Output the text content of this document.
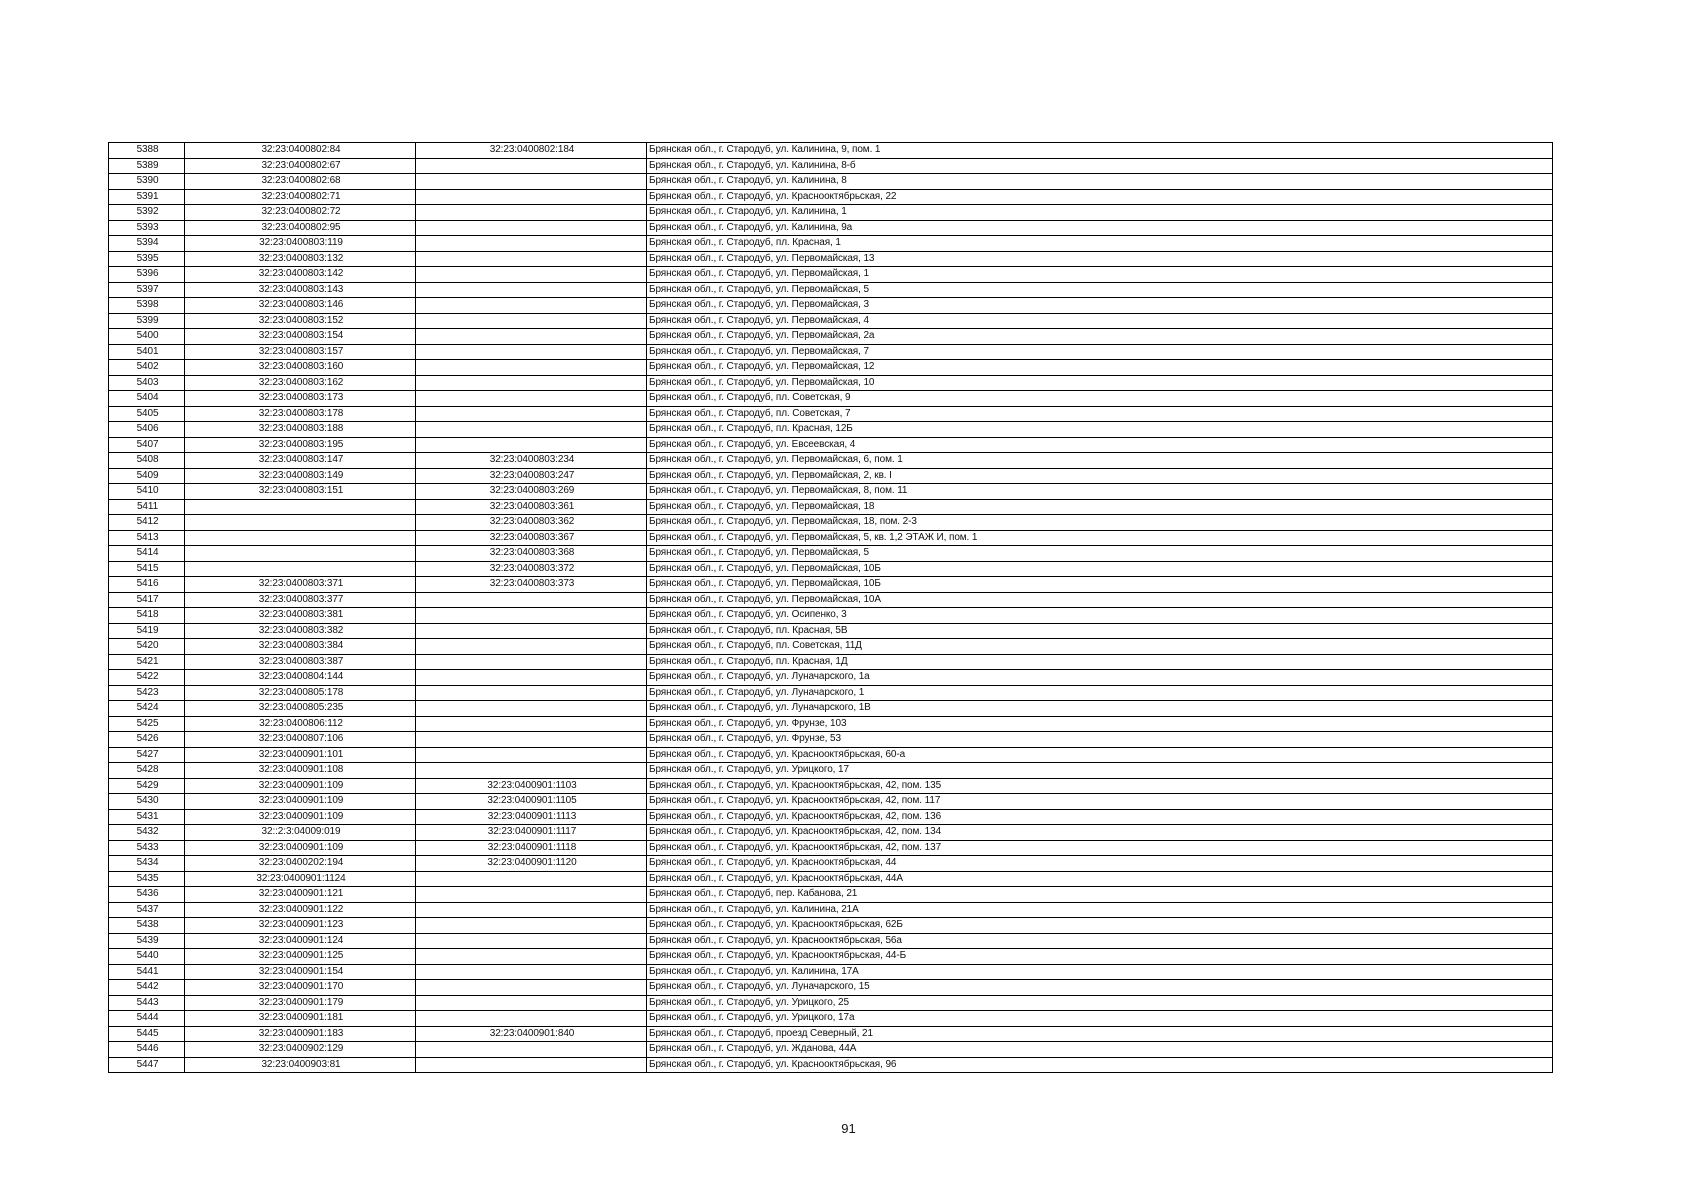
5388	32:23:0400802:84	32:23:0400802:184	Брянская обл., г. Стародуб, ул. Калинина, 9, пом. 1
5389	32:23:0400802:67		Брянская обл., г. Стародуб, ул. Калинина, 8-б
5390	32:23:0400802:68		Брянская обл., г. Стародуб, ул. Калинина, 8
5391	32:23:0400802:71		Брянская обл., г. Стародуб, ул. Краснооктябрьская, 22
5392	32:23:0400802:72		Брянская обл., г. Стародуб, ул. Калинина, 1
5393	32:23:0400802:95		Брянская обл., г. Стародуб, ул. Калинина, 9а
5394	32:23:0400803:119		Брянская обл., г. Стародуб, пл. Красная, 1
5395	32:23:0400803:132		Брянская обл., г. Стародуб, ул. Первомайская, 13
5396	32:23:0400803:142		Брянская обл., г. Стародуб, ул. Первомайская, 1
5397	32:23:0400803:143		Брянская обл., г. Стародуб, ул. Первомайская, 5
5398	32:23:0400803:146		Брянская обл., г. Стародуб, ул. Первомайская, 3
5399	32:23:0400803:152		Брянская обл., г. Стародуб, ул. Первомайская, 4
5400	32:23:0400803:154		Брянская обл., г. Стародуб, ул. Первомайская, 2а
5401	32:23:0400803:157		Брянская обл., г. Стародуб, ул. Первомайская, 7
5402	32:23:0400803:160		Брянская обл., г. Стародуб, ул. Первомайская, 12
5403	32:23:0400803:162		Брянская обл., г. Стародуб, ул. Первомайская, 10
5404	32:23:0400803:173		Брянская обл., г. Стародуб, пл. Советская, 9
5405	32:23:0400803:178		Брянская обл., г. Стародуб, пл. Советская, 7
5406	32:23:0400803:188		Брянская обл., г. Стародуб, пл. Красная, 12Б
5407	32:23:0400803:195		Брянская обл., г. Стародуб, ул. Евсеевская, 4
5408	32:23:0400803:147	32:23:0400803:234	Брянская обл., г. Стародуб, ул. Первомайская, 6, пом. 1
5409	32:23:0400803:149	32:23:0400803:247	Брянская обл., г. Стародуб, ул. Первомайская, 2, кв. I
5410	32:23:0400803:151	32:23:0400803:269	Брянская обл., г. Стародуб, ул. Первомайская, 8, пом. 11
5411		32:23:0400803:361	Брянская обл., г. Стародуб, ул. Первомайская, 18
5412		32:23:0400803:362	Брянская обл., г. Стародуб, ул. Первомайская, 18, пом. 2-3
5413		32:23:0400803:367	Брянская обл., г. Стародуб, ул. Первомайская, 5, кв. 1,2 ЭТАЖ И, пом. 1
5414		32:23:0400803:368	Брянская обл., г. Стародуб, ул. Первомайская, 5
5415		32:23:0400803:372	Брянская обл., г. Стародуб, ул. Первомайская, 10Б
5416	32:23:0400803:371	32:23:0400803:373	Брянская обл., г. Стародуб, ул. Первомайская, 10Б
5417	32:23:0400803:377		Брянская обл., г. Стародуб, ул. Первомайская, 10А
5418	32:23:0400803:381		Брянская обл., г. Стародуб, ул. Осипенко, 3
5419	32:23:0400803:382		Брянская обл., г. Стародуб, пл. Красная, 5В
5420	32:23:0400803:384		Брянская обл., г. Стародуб, пл. Советская, 11Д
5421	32:23:0400803:387		Брянская обл., г. Стародуб, пл. Красная, 1Д
5422	32:23:0400804:144		Брянская обл., г. Стародуб, ул. Луначарского, 1а
5423	32:23:0400805:178		Брянская обл., г. Стародуб, ул. Луначарского, 1
5424	32:23:0400805:235		Брянская обл., г. Стародуб, ул. Луначарского, 1В
5425	32:23:0400806:112		Брянская обл., г. Стародуб, ул. Фрунзе, 103
5426	32:23:0400807:106		Брянская обл., г. Стародуб, ул. Фрунзе, 53
5427	32:23:0400901:101		Брянская обл., г. Стародуб, ул. Краснооктябрьская, 60-а
5428	32:23:0400901:108		Брянская обл., г. Стародуб, ул. Урицкого, 17
5429	32:23:0400901:109	32:23:0400901:1103	Брянская обл., г. Стародуб, ул. Краснооктябрьская, 42, пом. 135
5430	32:23:0400901:109	32:23:0400901:1105	Брянская обл., г. Стародуб, ул. Краснооктябрьская, 42, пом. 117
5431	32:23:0400901:109	32:23:0400901:1113	Брянская обл., г. Стародуб, ул. Краснооктябрьская, 42, пом. 136
5432	32::2:3:04009:019	32:23:0400901:1117	Брянская обл., г. Стародуб, ул. Краснооктябрьская, 42, пом. 134
5433	32:23:0400901:109	32:23:0400901:1118	Брянская обл., г. Стародуб, ул. Краснооктябрьская, 42, пом. 137
5434	32:23:0400202:194	32:23:0400901:1120	Брянская обл., г. Стародуб, ул. Краснооктябрьская, 44
5435	32:23:0400901:1124		Брянская обл., г. Стародуб, ул. Краснооктябрьская, 44А
5436	32:23:0400901:121		Брянская обл., г. Стародуб, пер. Кабанова, 21
5437	32:23:0400901:122		Брянская обл., г. Стародуб, ул. Калинина, 21А
5438	32:23:0400901:123		Брянская обл., г. Стародуб, ул. Краснооктябрьская, 62Б
5439	32:23:0400901:124		Брянская обл., г. Стародуб, ул. Краснооктябрьская, 56а
5440	32:23:0400901:125		Брянская обл., г. Стародуб, ул. Краснооктябрьская, 44-Б
5441	32:23:0400901:154		Брянская обл., г. Стародуб, ул. Калинина, 17А
5442	32:23:0400901:170		Брянская обл., г. Стародуб, ул. Луначарского, 15
5443	32:23:0400901:179		Брянская обл., г. Стародуб, ул. Урицкого, 25
5444	32:23:0400901:181		Брянская обл., г. Стародуб, ул. Урицкого, 17а
5445	32:23:0400901:183	32:23:0400901:840	Брянская обл., г. Стародуб, проезд Северный, 21
5446	32:23:0400902:129		Брянская обл., г. Стародуб, ул. Жданова, 44А
5447	32:23:0400903:81		Брянская обл., г. Стародуб, ул. Краснооктябрьская, 96
91
